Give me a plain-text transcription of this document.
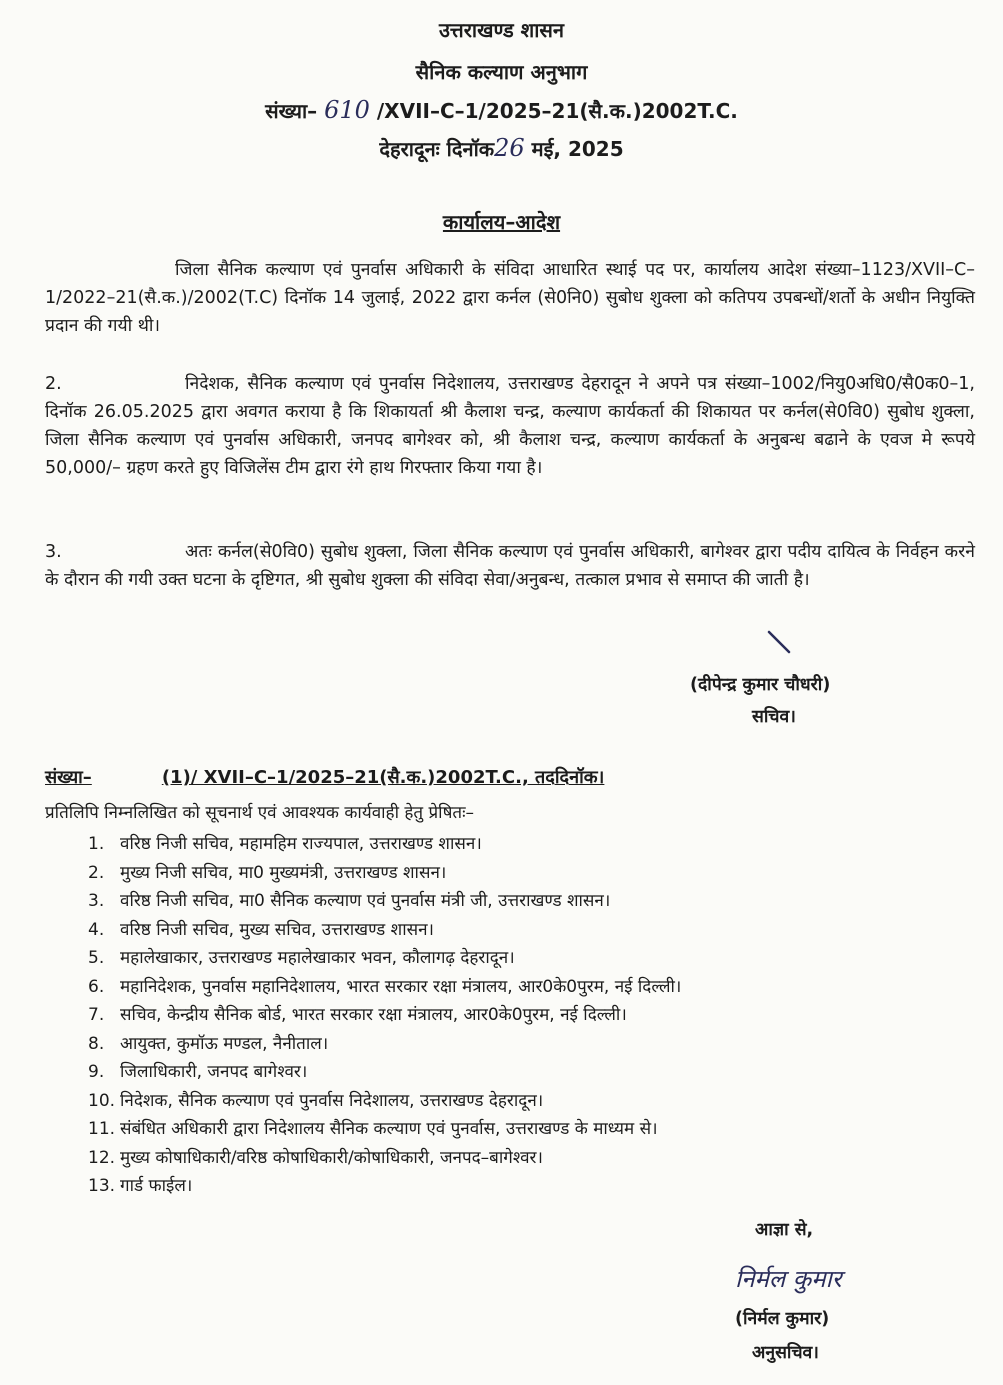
उत्तराखण्ड शासन
सैनिक कल्याण अनुभाग
संख्या– 610 /XVII–C–1/2025–21(सै.क.)2002T.C.
देहरादूनः दिनॉक26 मई, 2025
कार्यालय–आदेश
जिला सैनिक कल्याण एवं पुनर्वास अधिकारी के संविदा आधारित स्थाई पद पर, कार्यालय आदेश संख्या–1123/XVII–C–1/2022–21(सै.क.)/2002(T.C) दिनॉक 14 जुलाई, 2022 द्वारा कर्नल (से0नि0) सुबोध शुक्ला को कतिपय उपबन्धों/शर्तो के अधीन नियुक्ति प्रदान की गयी थी।
2.	निदेशक, सैनिक कल्याण एवं पुनर्वास निदेशालय, उत्तराखण्ड देहरादून ने अपने पत्र संख्या–1002/नियु0अधि0/सै0क0–1, दिनॉक 26.05.2025 द्वारा अवगत कराया है कि शिकायर्ता श्री कैलाश चन्द्र, कल्याण कार्यकर्ता की शिकायत पर कर्नल(से0वि0) सुबोध शुक्ला, जिला सैनिक कल्याण एवं पुनर्वास अधिकारी, जनपद बागेश्वर को, श्री कैलाश चन्द्र, कल्याण कार्यकर्ता के अनुबन्ध बढाने के एवज मे रूपये 50,000/– ग्रहण करते हुए विजिलेंस टीम द्वारा रंगे हाथ गिरफ्तार किया गया है।
3.	अतः कर्नल(से0वि0) सुबोध शुक्ला, जिला सैनिक कल्याण एवं पुनर्वास अधिकारी, बागेश्वर द्वारा पदीय दायित्व के निर्वहन करने के दौरान की गयी उक्त घटना के दृष्टिगत, श्री सुबोध शुक्ला की संविदा सेवा/अनुबन्ध, तत्काल प्रभाव से समाप्त की जाती है।
(दीपेन्द्र कुमार चौधरी)
सचिव।
संख्या–	(1)/ XVII–C–1/2025–21(सै.क.)2002T.C., तददिनॉक।
प्रतिलिपि निम्नलिखित को सूचनार्थ एवं आवश्यक कार्यवाही हेतु प्रेषितः–
1. वरिष्ठ निजी सचिव, महामहिम राज्यपाल, उत्तराखण्ड शासन।
2. मुख्य निजी सचिव, मा0 मुख्यमंत्री, उत्तराखण्ड शासन।
3. वरिष्ठ निजी सचिव, मा0 सैनिक कल्याण एवं पुनर्वास मंत्री जी, उत्तराखण्ड शासन।
4. वरिष्ठ निजी सचिव, मुख्य सचिव, उत्तराखण्ड शासन।
5. महालेखाकार, उत्तराखण्ड महालेखाकार भवन, कौलागढ़ देहरादून।
6. महानिदेशक, पुनर्वास महानिदेशालय, भारत सरकार रक्षा मंत्रालय, आर0के0पुरम, नई दिल्ली।
7. सचिव, केन्द्रीय सैनिक बोर्ड, भारत सरकार रक्षा मंत्रालय, आर0के0पुरम, नई दिल्ली।
8. आयुक्त, कुमॉऊ मण्डल, नैनीताल।
9. जिलाधिकारी, जनपद बागेश्वर।
10. निदेशक, सैनिक कल्याण एवं पुनर्वास निदेशालय, उत्तराखण्ड देहरादून।
11. संबंधित अधिकारी द्वारा निदेशालय सैनिक कल्याण एवं पुनर्वास, उत्तराखण्ड के माध्यम से।
12. मुख्य कोषाधिकारी/वरिष्ठ कोषाधिकारी/कोषाधिकारी, जनपद–बागेश्वर।
13. गार्ड फाईल।
आज्ञा से,
निर्मल कुमार
(निर्मल कुमार)
अनुसचिव।
